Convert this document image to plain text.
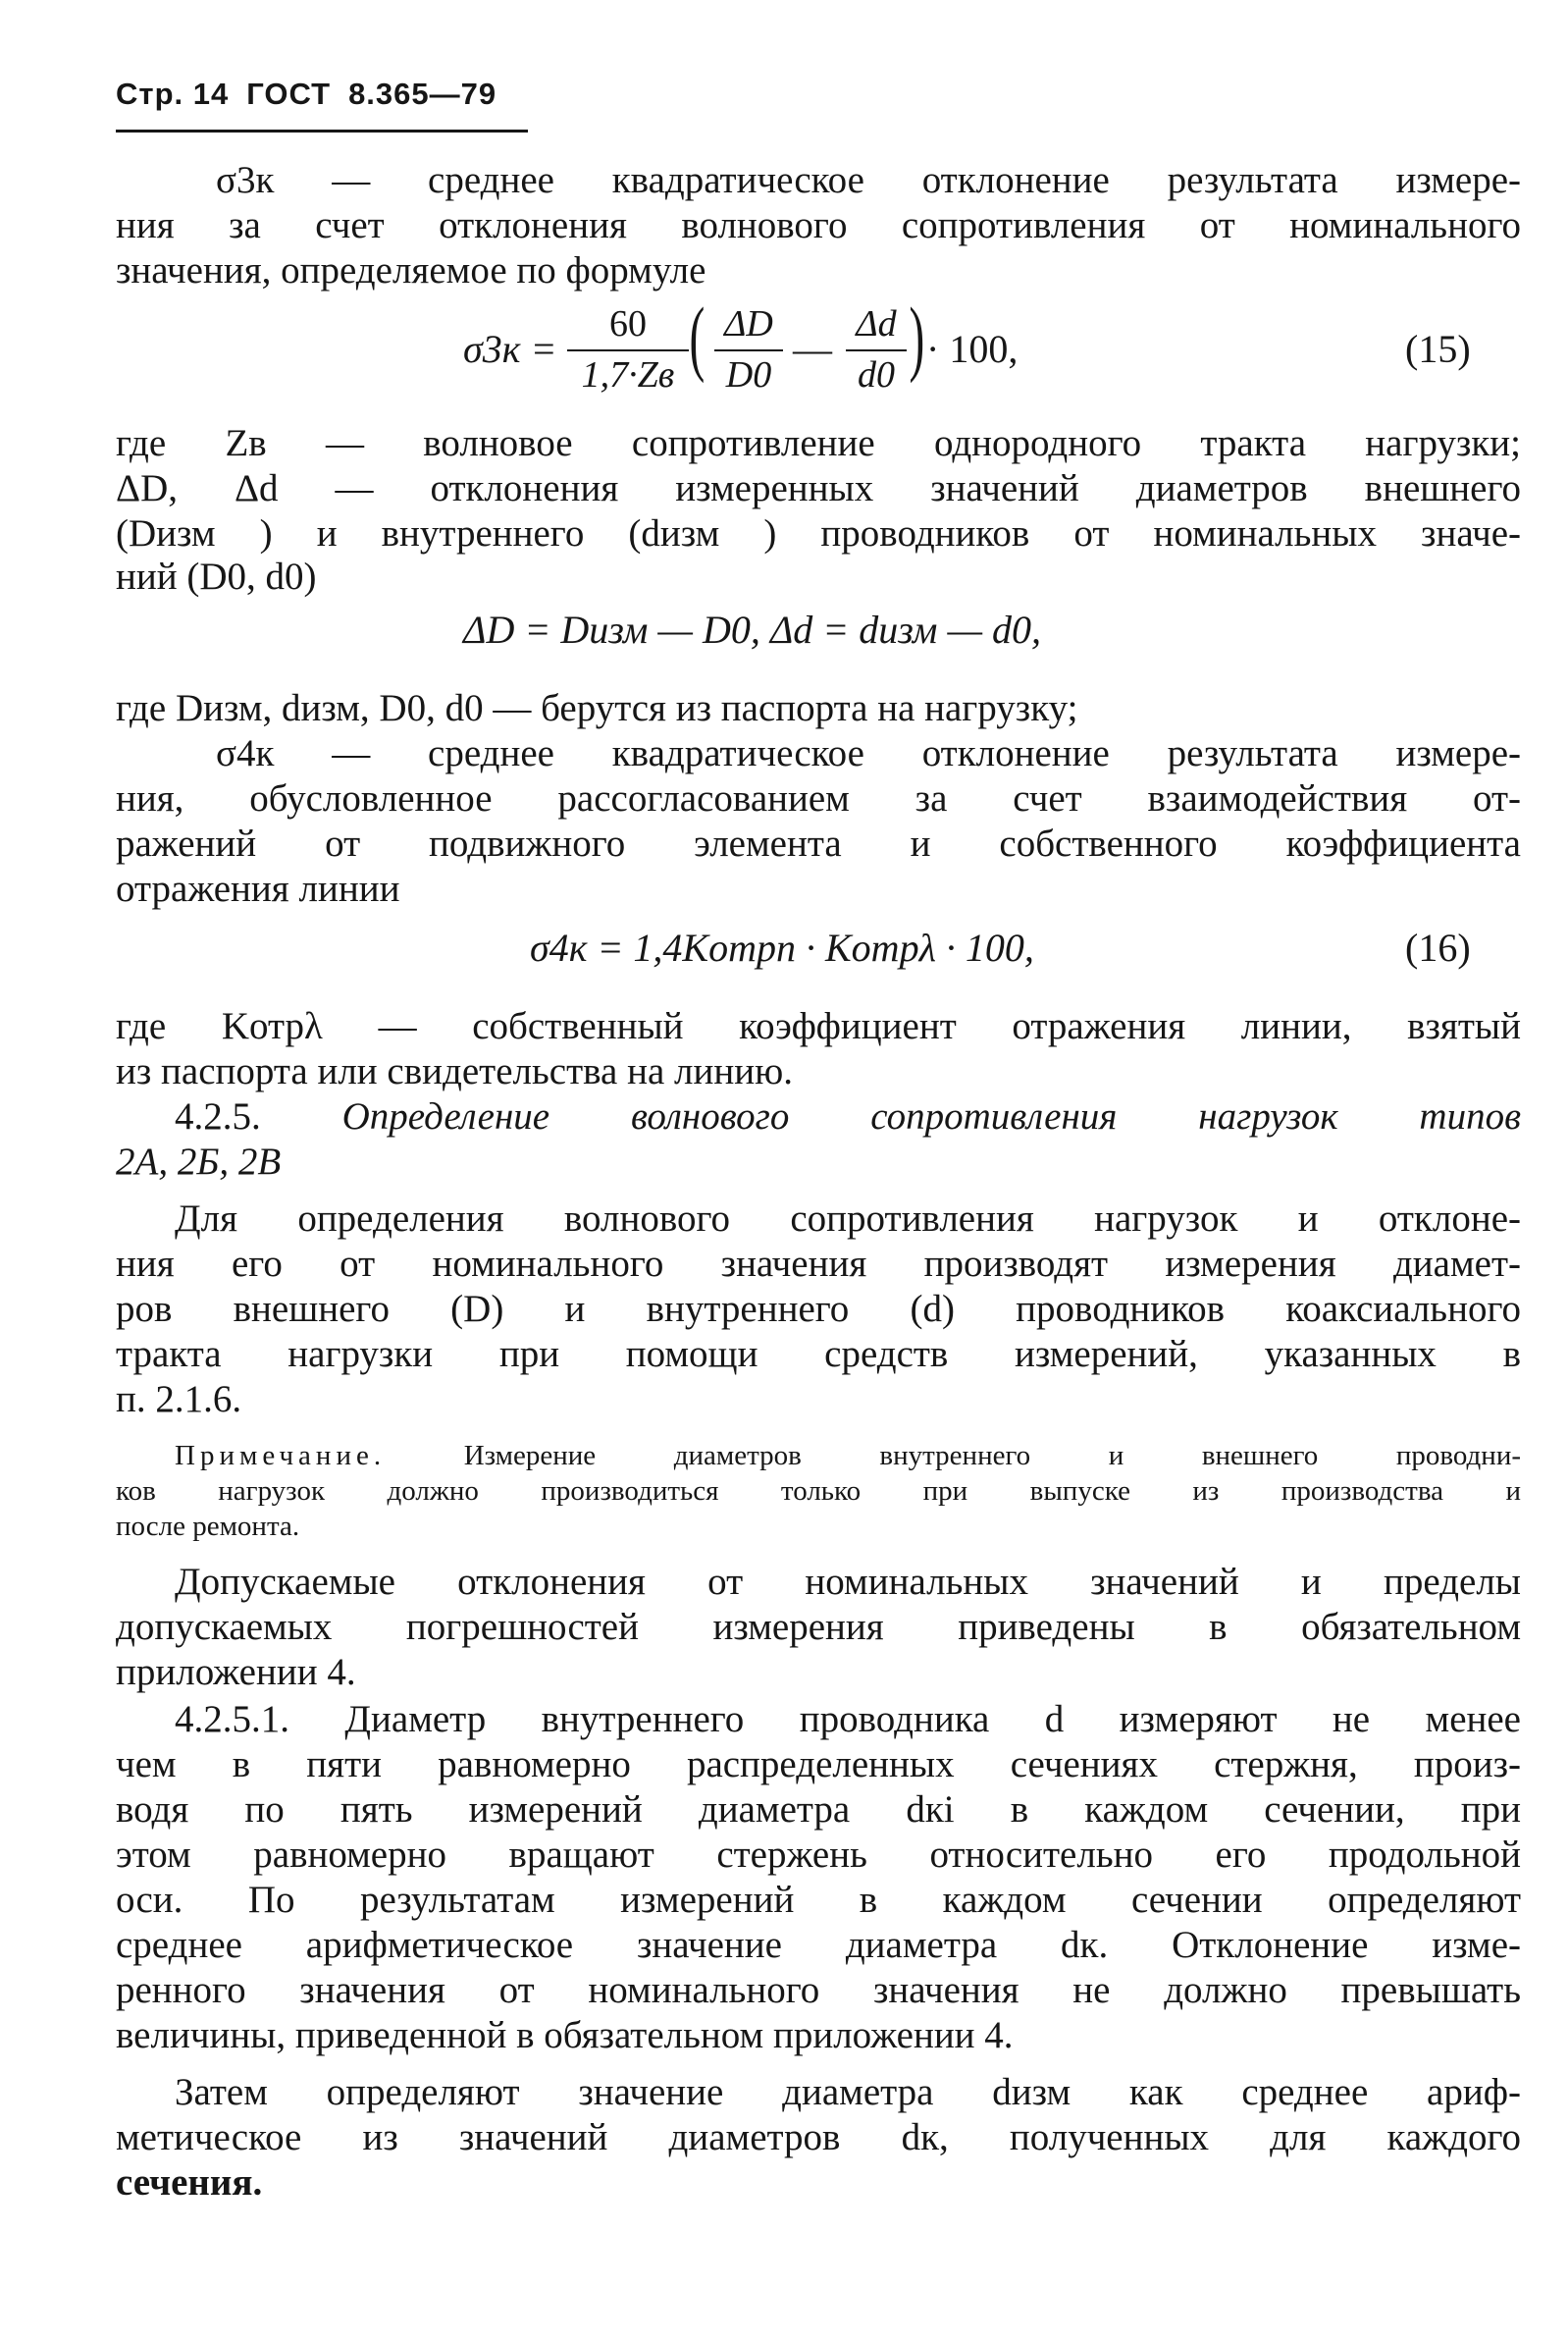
Стр. 14 ГОСТ 8.365—79
σ3к — среднее квадратическое отклонение результата измере-
ния за счет отклонения волнового сопротивления от номинального
значения, определяемое по формуле
σ3к =
60
1,7·Zв ( ΔD
D0
—
Δd
d0 ) · 100,	(15)
где Zв — волновое сопротивление однородного тракта нагрузки;
ΔD, Δd — отклонения измеренных значений диаметров внешнего
(Dизм ) и внутреннего (dизм ) проводников от номинальных значе-
ний (D0, d0)
ΔD = Dизм — D0, Δd = dизм — d0,
где Dизм, dизм, D0, d0 — берутся из паспорта на нагрузку;
σ4к — среднее квадратическое отклонение результата измере-
ния, обусловленное рассогласованием за счет взаимодействия от-
ражений от подвижного элемента и собственного коэффициента
отражения линии
σ4к = 1,4Kотрп · Kотрλ · 100,	(16)
где Kотрλ — собственный коэффициент отражения линии, взятый
из паспорта или свидетельства на линию.
4.2.5. Определение волнового сопротивления нагрузок типов
2А, 2Б, 2В
Для определения волнового сопротивления нагрузок и отклоне-
ния его от номинального значения производят измерения диамет-
ров внешнего (D) и внутреннего (d) проводников коаксиального
тракта нагрузки при помощи средств измерений, указанных в
п. 2.1.6.
Примечание.	Измерение диаметров внутреннего и внешнего проводни-
ков нагрузок должно производиться только при выпуске из производства и
после ремонта.
Допускаемые отклонения от номинальных значений и пределы
допускаемых погрешностей измерения приведены в обязательном
приложении 4.
4.2.5.1. Диаметр внутреннего проводника d измеряют не менее
чем в пяти равномерно распределенных сечениях стержня, произ-
водя по пять измерений диаметра dкi в каждом сечении, при
этом равномерно вращают стержень относительно его продольной
оси. По результатам измерений в каждом сечении определяют
среднее арифметическое значение диаметра dк. Отклонение изме-
ренного значения от номинального значения не должно превышать
величины, приведенной в обязательном приложении 4.
Затем определяют значение диаметра dизм как среднее ариф-
метическое из значений диаметров dк, полученных для каждого
сечения.
